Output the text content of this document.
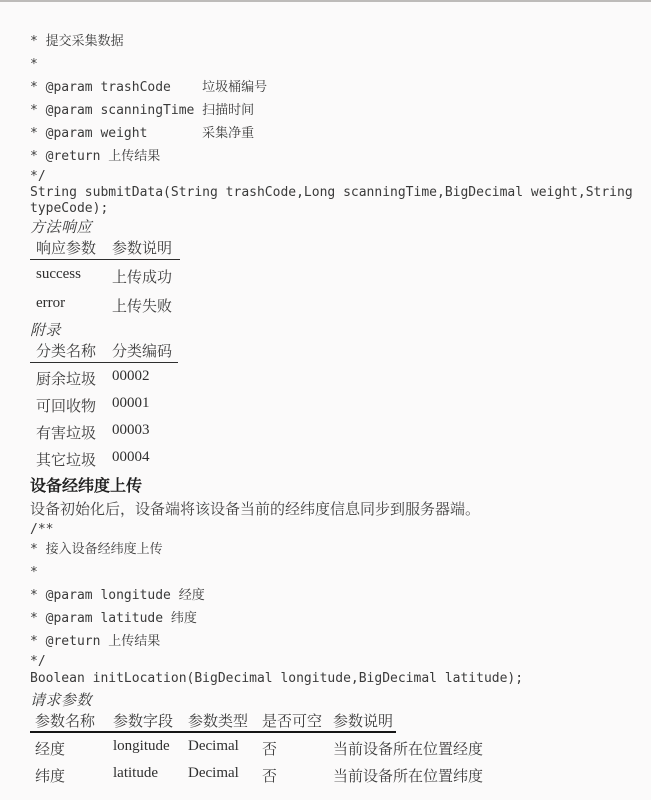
* 提交采集数据
*
* @param trashCode    垃圾桶编号
* @param scanningTime 扫描时间
* @param weight       采集净重
* @return 上传结果
*/
String submitData(String trashCode,Long scanningTime,BigDecimal weight,String typeCode);
方法响应
响应参数	参数说明
success	上传成功
error	上传失败
附录
分类名称	分类编码
厨余垃圾	00002
可回收物	00001
有害垃圾	00003
其它垃圾	00004
设备经纬度上传
设备初始化后，设备端将该设备当前的经纬度信息同步到服务器端。
/**
* 接入设备经纬度上传
*
* @param longitude 经度
* @param latitude 纬度
* @return 上传结果
*/
Boolean initLocation(BigDecimal longitude,BigDecimal latitude);
请求参数
参数名称	参数字段 参数类型 是否可空 参数说明
经度	longitude	Decimal	否	当前设备所在位置经度
纬度	latitude	Decimal	否	当前设备所在位置纬度
